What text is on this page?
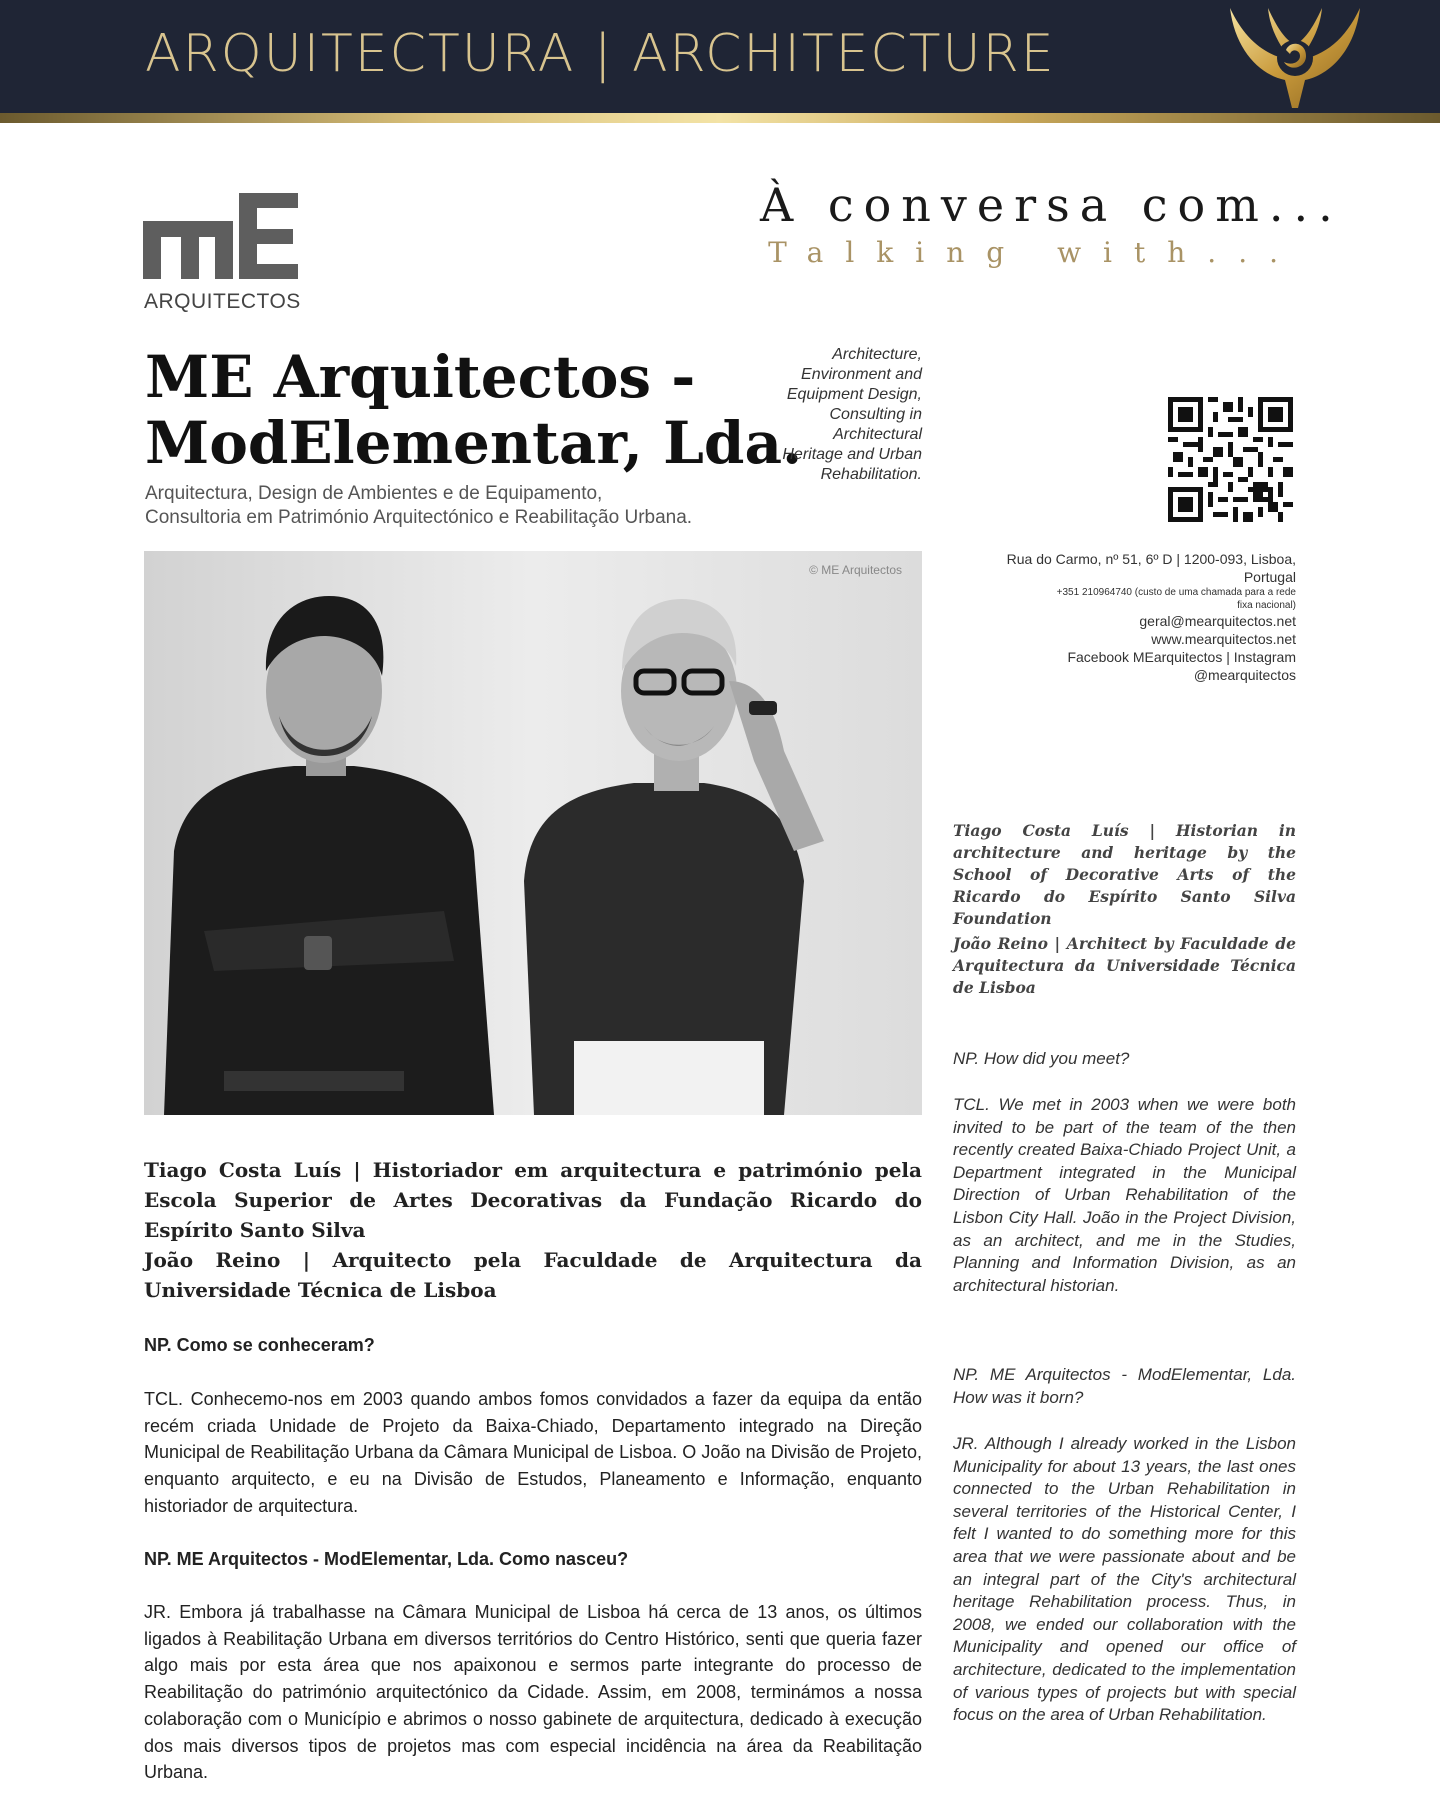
ARQUITECTURA | ARCHITECTURE
ARQUITECTOS
À conversa com...
Talking with...
ME Arquitectos -
ModElementar, Lda.
Arquitectura, Design de Ambientes e de Equipamento,
Consultoria em Património Arquitectónico e Reabilitação Urbana.
Architecture, Environment and Equipment Design, Consulting in Architectural Heritage and Urban Rehabilitation.
Rua do Carmo, nº 51, 6º D | 1200-093, Lisboa,
Portugal
+351 210964740 (custo de uma chamada para a rede
fixa nacional)
geral@mearquitectos.net
www.mearquitectos.net
Facebook MEarquitectos | Instagram
@mearquitectos
© ME Arquitectos
Tiago Costa Luís | Historian in architecture and heritage by the School of Decorative Arts of the Ricardo do Espírito Santo Silva Foundation
João Reino | Architect by Faculdade de Arquitectura da Universidade Técnica de Lisboa
NP. How did you meet?
TCL. We met in 2003 when we were both invited to be part of the team of the then recently created Baixa-Chiado Project Unit, a Department integrated in the Municipal Direction of Urban Rehabilitation of the Lisbon City Hall. João in the Project Division, as an architect, and me in the Studies, Planning and Information Division, as an architectural historian.
NP. ME Arquitectos - ModElementar, Lda. How was it born?
JR. Although I already worked in the Lisbon Municipality for about 13 years, the last ones connected to the Urban Rehabilitation in several territories of the Historical Center, I felt I wanted to do something more for this area that we were passionate about and be an integral part of the City's architectural heritage Rehabilitation process. Thus, in 2008, we ended our collaboration with the Municipality and opened our office of architecture, dedicated to the implementation of various types of projects but with special focus on the area of Urban Rehabilitation.
Tiago Costa Luís | Historiador em arquitectura e património pela Escola Superior de Artes Decorativas da Fundação Ricardo do Espírito Santo Silva
João Reino | Arquitecto pela Faculdade de Arquitectura da Universidade Técnica de Lisboa
NP. Como se conheceram?
TCL. Conhecemo-nos em 2003 quando ambos fomos convidados a fazer da equipa da então recém criada Unidade de Projeto da Baixa-Chiado, Departamento integrado na Direção Municipal de Reabilitação Urbana da Câmara Municipal de Lisboa. O João na Divisão de Projeto, enquanto arquitecto, e eu na Divisão de Estudos, Planeamento e Informação, enquanto historiador de arquitectura.
NP. ME Arquitectos - ModElementar, Lda. Como nasceu?
JR. Embora já trabalhasse na Câmara Municipal de Lisboa há cerca de 13 anos, os últimos ligados à Reabilitação Urbana em diversos territórios do Centro Histórico, senti que queria fazer algo mais por esta área que nos apaixonou e sermos parte integrante do processo de Reabilitação do património arquitectónico da Cidade. Assim, em 2008, terminámos a nossa colaboração com o Município e abrimos o nosso gabinete de arquitectura, dedicado à execução dos mais diversos tipos de projetos mas com especial incidência na área da Reabilitação Urbana.
